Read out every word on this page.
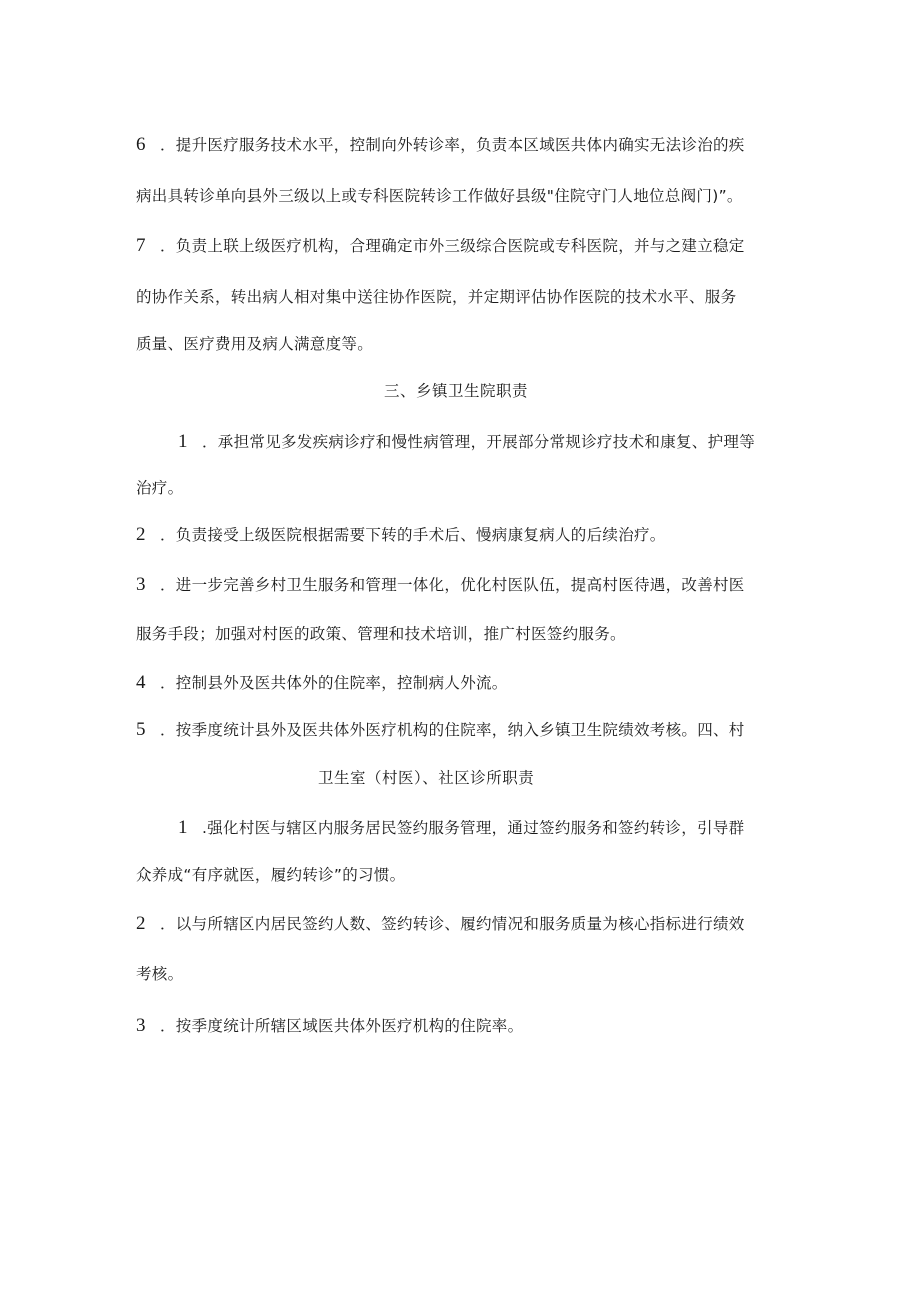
6 ．提升医疗服务技术水平，控制向外转诊率，负责本区域医共体内确实无法诊治的疾
病出具转诊单向县外三级以上或专科医院转诊工作做好县级"住院守门人地位总阀门)”。
7 ．负责上联上级医疗机构，合理确定市外三级综合医院或专科医院，并与之建立稳定
的协作关系，转出病人相对集中送往协作医院，并定期评估协作医院的技术水平、服务
质量、医疗费用及病人满意度等。
三、乡镇卫生院职责
1 ．承担常见多发疾病诊疗和慢性病管理，开展部分常规诊疗技术和康复、护理等
治疗。
2 ．负责接受上级医院根据需要下转的手术后、慢病康复病人的后续治疗。
3 ．进一步完善乡村卫生服务和管理一体化，优化村医队伍，提高村医待遇，改善村医
服务手段；加强对村医的政策、管理和技术培训，推广村医签约服务。
4 ．控制县外及医共体外的住院率，控制病人外流。
5 ．按季度统计县外及医共体外医疗机构的住院率，纳入乡镇卫生院绩效考核。四、村
卫生室（村医）、社区诊所职责
1 .强化村医与辖区内服务居民签约服务管理，通过签约服务和签约转诊，引导群
众养成“有序就医，履约转诊”的习惯。
2 ．以与所辖区内居民签约人数、签约转诊、履约情况和服务质量为核心指标进行绩效
考核。
3 ．按季度统计所辖区域医共体外医疗机构的住院率。
